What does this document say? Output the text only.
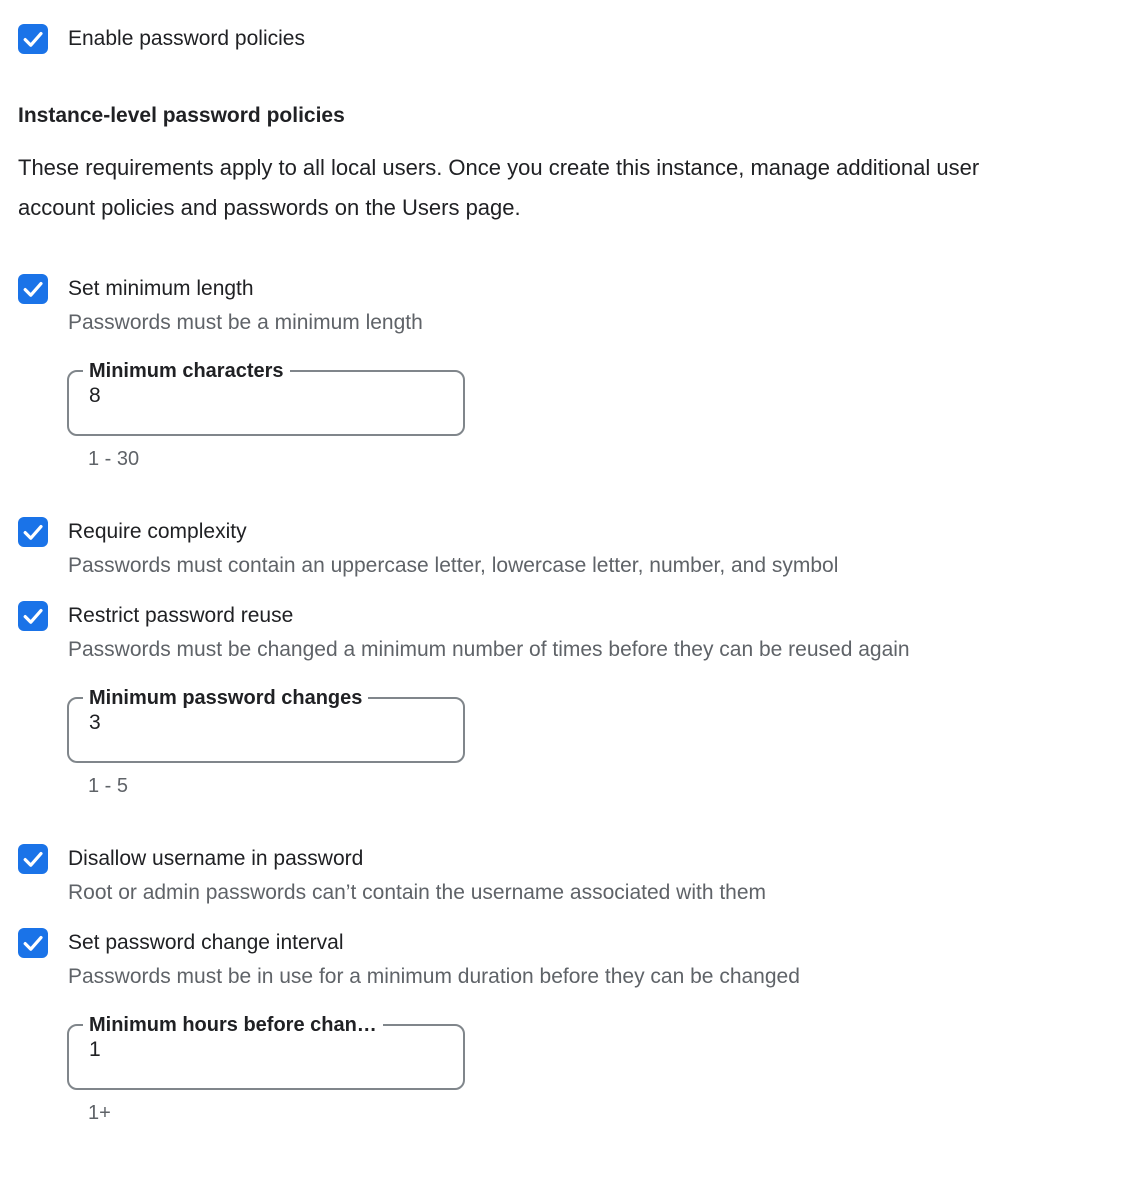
Enable password policies
Instance-level password policies

These requirements apply to all local users. Once you create this instance, manage additional user account policies and passwords on the Users page.

Set minimum length
Passwords must be a minimum length
Minimum characters
8
1 - 30
Require complexity
Passwords must contain an uppercase letter, lowercase letter, number, and symbol
Restrict password reuse
Passwords must be changed a minimum number of times before they can be reused again
Minimum password changes
3
1 - 5
Disallow username in password
Root or admin passwords can’t contain the username associated with them
Set password change interval
Passwords must be in use for a minimum duration before they can be changed
Minimum hours before chan…
1
1+
